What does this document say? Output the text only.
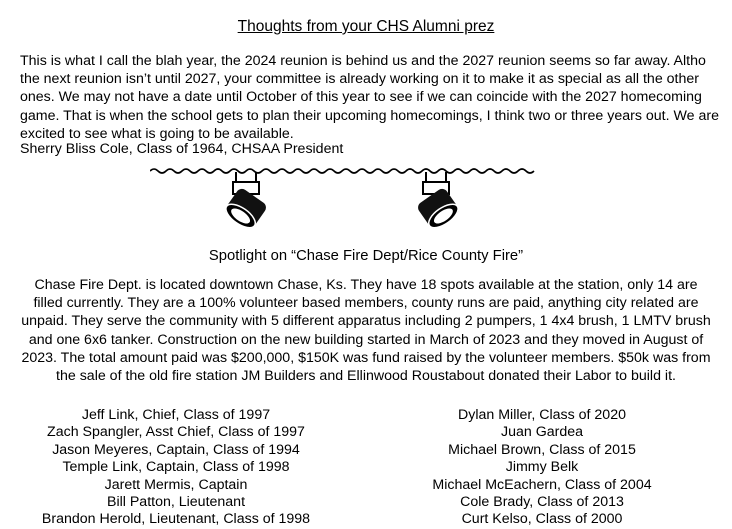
Thoughts from your CHS Alumni prez
This is what I call the blah year, the 2024 reunion is behind us and the 2027 reunion seems so far away. Altho the next reunion isn’t until 2027, your committee is already working on it to make it as special as all the other ones. We may not have a date until October of this year to see if we can coincide with the 2027 homecoming game. That is when the school gets to plan their upcoming homecomings, I think two or three years out. We are excited to see what is going to be available.
Sherry Bliss Cole, Class of 1964, CHSAA President
Spotlight on “Chase Fire Dept/Rice County Fire”
Chase Fire Dept. is located downtown Chase, Ks. They have 18 spots available at the station, only 14 are filled currently. They are a 100% volunteer based members, county runs are paid, anything city related are unpaid. They serve the community with 5 different apparatus including 2 pumpers, 1 4x4 brush, 1 LMTV brush and one 6x6 tanker. Construction on the new building started in March of 2023 and they moved in August of 2023. The total amount paid was $200,000, $150K was fund raised by the volunteer members. $50k was from the sale of the old fire station JM Builders and Ellinwood Roustabout donated their Labor to build it.
Jeff Link, Chief, Class of 1997
Zach Spangler, Asst Chief, Class of 1997
Jason Meyeres, Captain, Class of 1994
Temple Link, Captain, Class of 1998
Jarett Mermis, Captain
Bill Patton, Lieutenant
Brandon Herold, Lieutenant, Class of 1998
Dylan Miller, Class of 2020
Juan Gardea
Michael Brown, Class of 2015
Jimmy Belk
Michael McEachern, Class of 2004
Cole Brady, Class of 2013
Curt Kelso, Class of 2000
